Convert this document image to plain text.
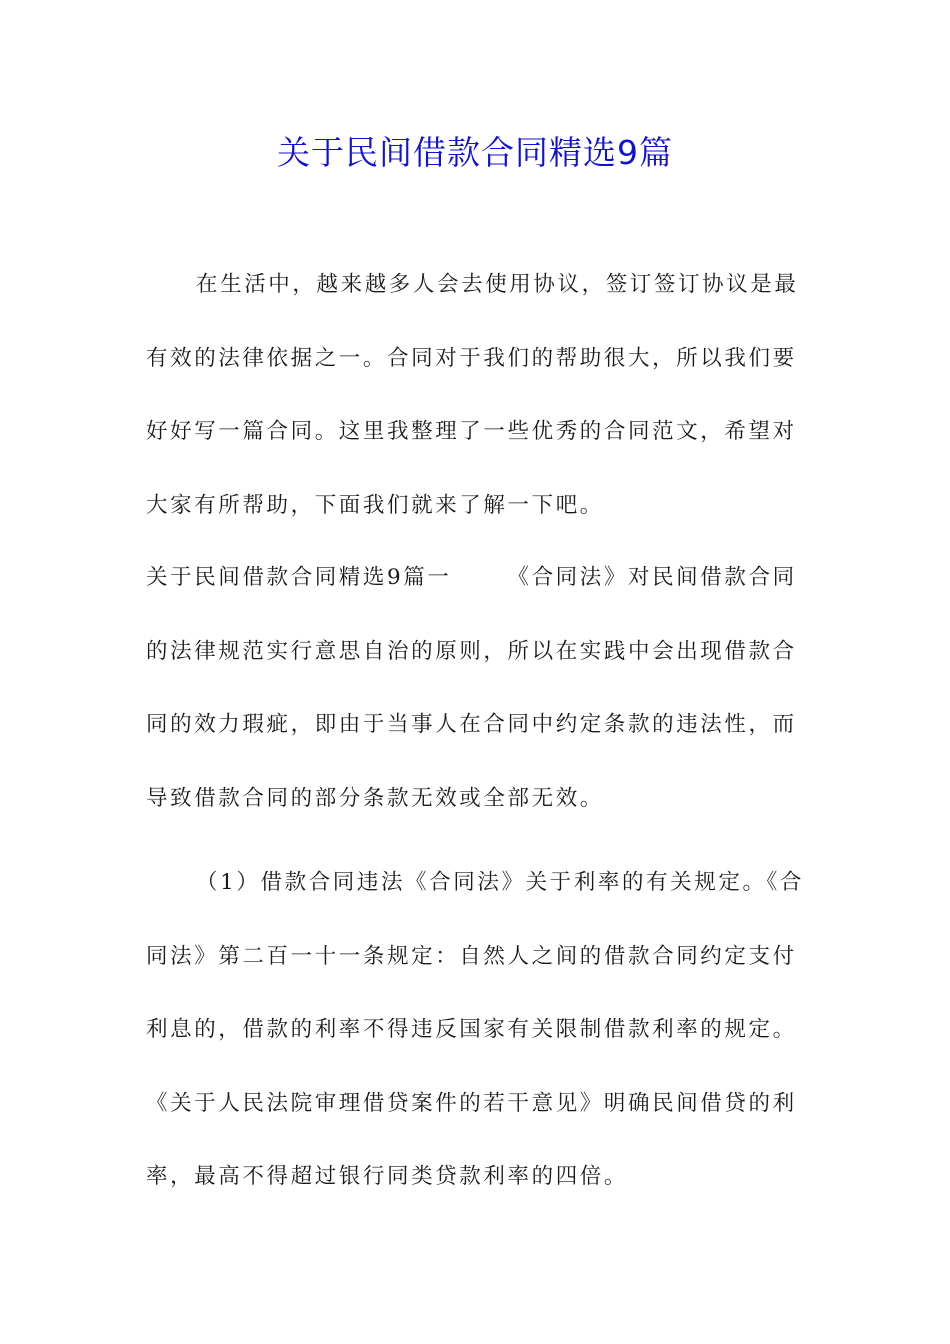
关于民间借款合同精选9篇
在生活中，越来越多人会去使用协议，签订签订协议是最
有效的法律依据之一。合同对于我们的帮助很大，所以我们要
好好写一篇合同。这里我整理了一些优秀的合同范文，希望对
大家有所帮助，下面我们就来了解一下吧。
关于民间借款合同精选9篇一	《合同法》对民间借款合同
的法律规范实行意思自治的原则，所以在实践中会出现借款合
同的效力瑕疵，即由于当事人在合同中约定条款的违法性，而
导致借款合同的部分条款无效或全部无效。
（1）借款合同违法《合同法》关于利率的有关规定。《合
同法》第二百一十一条规定：自然人之间的借款合同约定支付
利息的，借款的利率不得违反国家有关限制借款利率的规定。
《关于人民法院审理借贷案件的若干意见》明确民间借贷的利
率，最高不得超过银行同类贷款利率的四倍。
